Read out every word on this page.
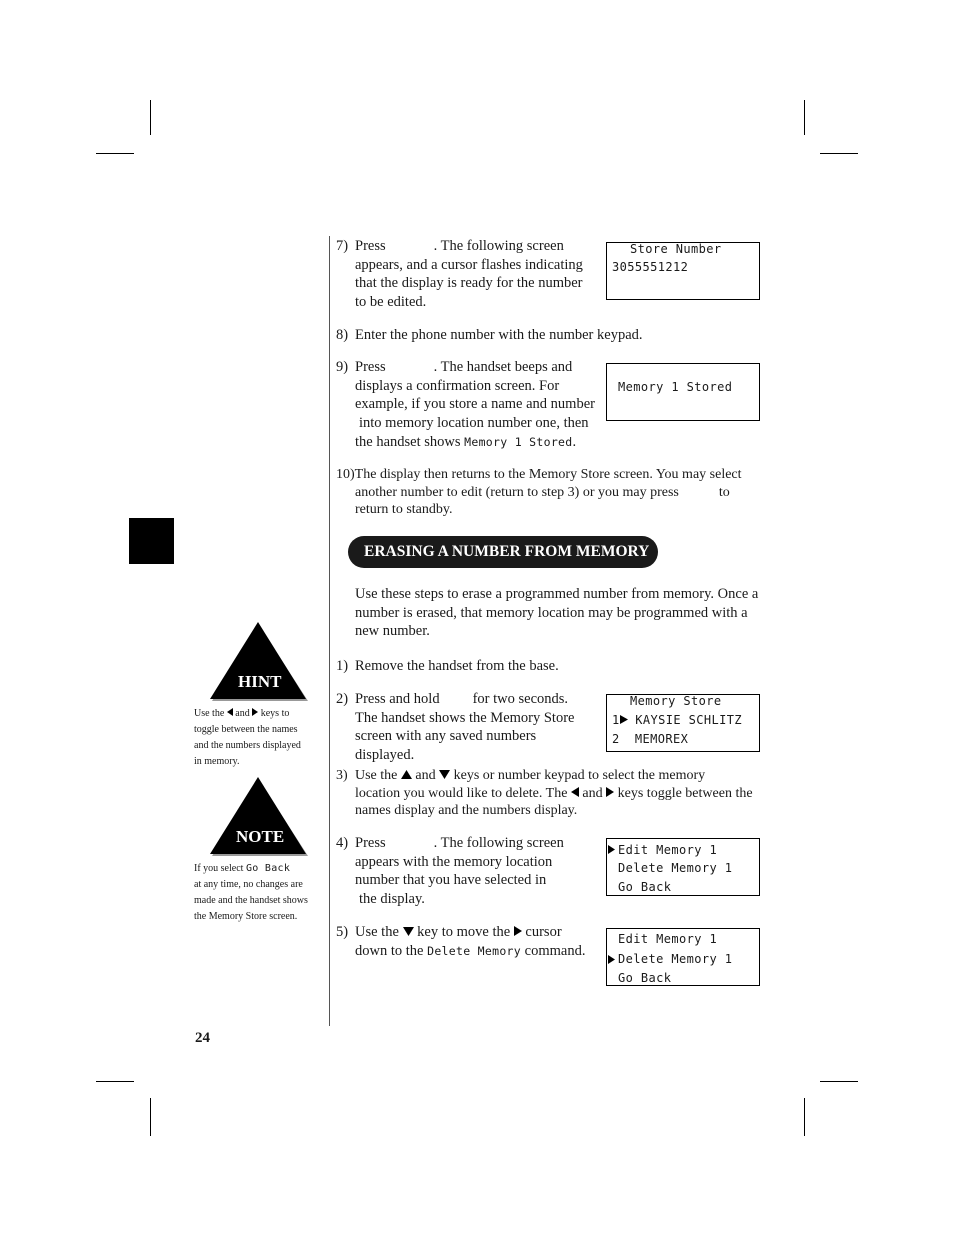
7) Press	. The following screen
appears, and a cursor flashes indicating
that the display is ready for the number
to be edited.
Store Number
3055551212
8) Enter the phone number with the number keypad.
9) Press	. The handset beeps and
displays a confirmation screen. For
example, if you store a name and number
into memory location number one, then
the handset shows Memory 1 Stored.
Memory 1 Stored
10)The display then returns to the Memory Store screen. You may select
another number to edit (return to step 3) or you may press	to
return to standby.
ERASING A NUMBER FROM MEMORY
Use these steps to erase a programmed number from memory. Once a
number is erased, that memory location may be programmed with a
new number.
1) Remove the handset from the base.
2) Press and hold for two seconds.
The handset shows the Memory Store
screen with any saved numbers displayed.
Memory Store
1 KAYSIE SCHLITZ
2 MEMOREX
3) Use the and keys or number keypad to select the memory
location you would like to delete. The and keys toggle between the
names display and the numbers display.
4) Press	. The following screen
appears with the memory location
number that you have selected in
the display.
Edit Memory 1
Delete Memory 1
Go Back
5) Use the key to move the cursor
down to the Delete Memory command.
Edit Memory 1
Delete Memory 1
Go Back
HINT
Use the and keys to
toggle between the names
and the numbers displayed
in memory.
NOTE
If you select Go Back
at any time, no changes are
made and the handset shows
the Memory Store screen.
24
